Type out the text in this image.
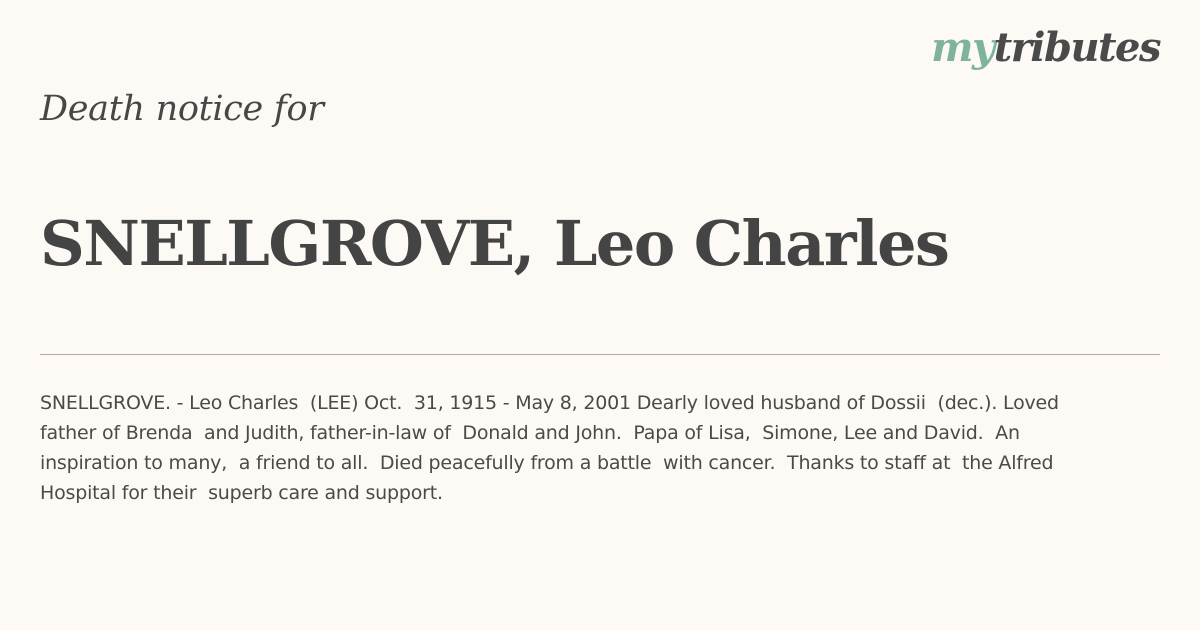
mytributes
Death notice for
SNELLGROVE, Leo Charles
SNELLGROVE. - Leo Charles  (LEE) Oct.  31, 1915 - May 8, 2001 Dearly loved husband of Dossii  (dec.). Loved father of Brenda  and Judith, father-in-law of  Donald and John.  Papa of Lisa,  Simone, Lee and David.  An inspiration to many,  a friend to all.  Died peacefully from a battle  with cancer.  Thanks to staff at  the Alfred Hospital for their  superb care and support.
